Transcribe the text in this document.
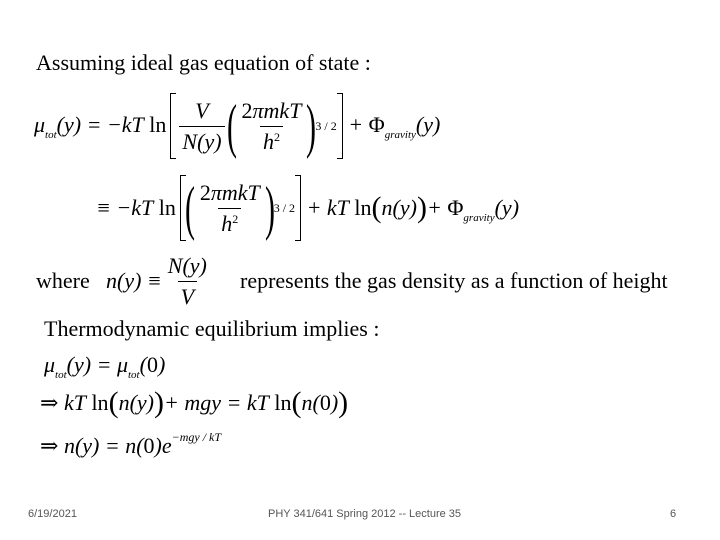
Assuming ideal gas equation of state :
$\mu_{tot}(y) = -kT$ $\ln \frac{V}{N(y)}$ ( $\frac{\text{2πmkT}}{h^2}$ )
$3 / 2 + \Phi_{gravity}(y)$
≡ −kT ln ( $\frac{\text{2πmkT}}{h^2}$ )
3 / 2 + kT $\ln(n(y))+ \Phi_{gravity}(y)$
where $n(y) \equiv \frac{N(y)}{V}$ represents the gas density as a function of height
Thermodynamic equilibrium implies :
$\mu_{tot}(y) = \mu_{tot}(0)$
⇒ kT ln(n(y))+ mgy = kT ln(n(0))
⇒ $n(y) = n(0)e^{-mgy / kT}$
6/19/2021	PHY 341/641 Spring 2012 -- Lecture 35	6
